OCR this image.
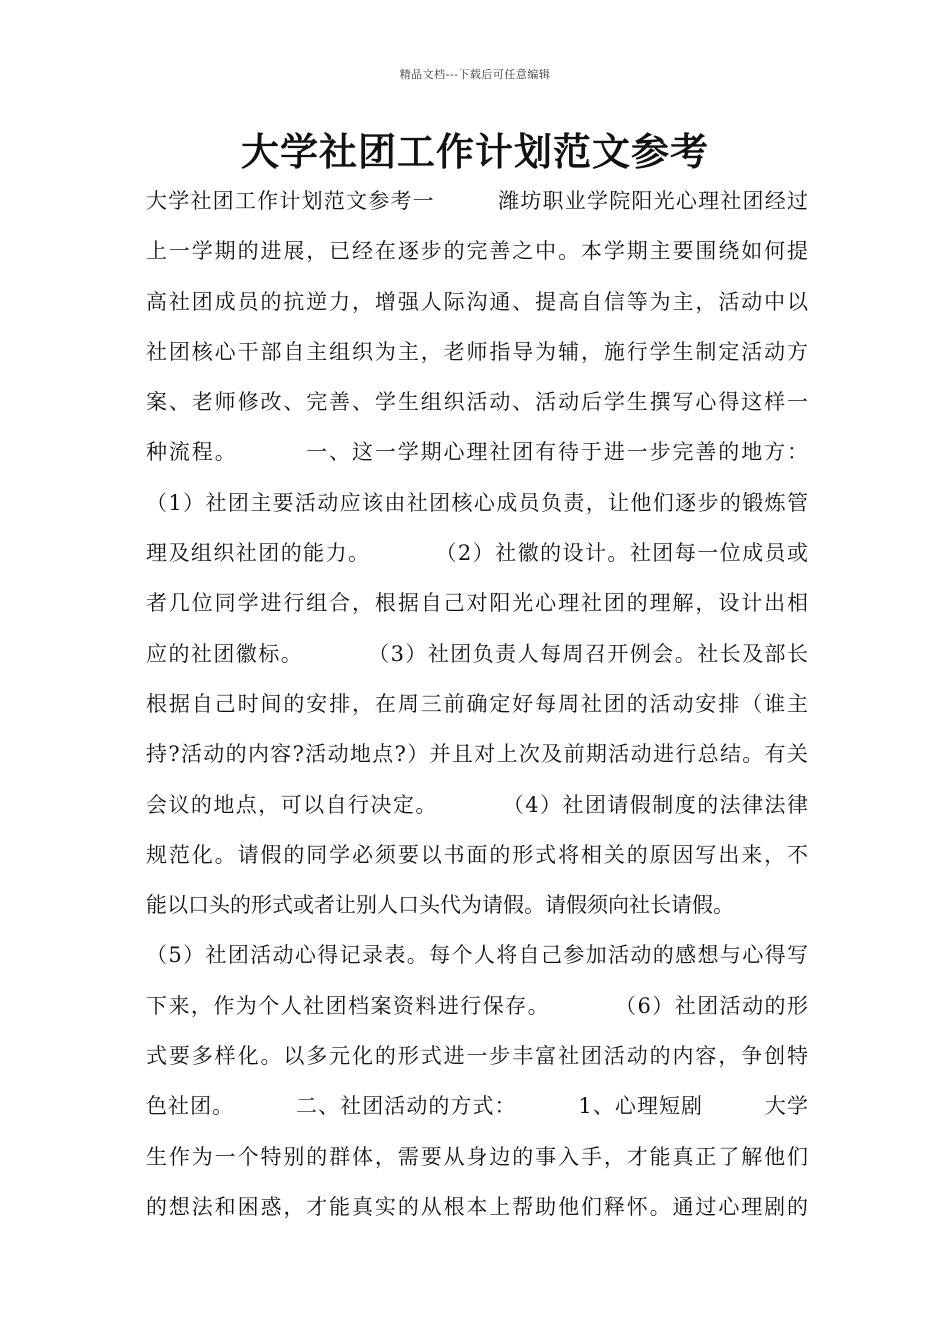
精品文档---下载后可任意编辑
大学社团工作计划范文参考
大学社团工作计划范文参考一        潍坊职业学院阳光心理社团经过
上一学期的进展，已经在逐步的完善之中。本学期主要围绕如何提
高社团成员的抗逆力，增强人际沟通、提高自信等为主，活动中以
社团核心干部自主组织为主，老师指导为辅，施行学生制定活动方
案、老师修改、完善、学生组织活动、活动后学生撰写心得这样一
种流程。        一、这一学期心理社团有待于进一步完善的地方：
（1）社团主要活动应该由社团核心成员负责，让他们逐步的锻炼管
理及组织社团的能力。        （2）社徽的设计。社团每一位成员或
者几位同学进行组合，根据自己对阳光心理社团的理解，设计出相
应的社团徽标。        （3）社团负责人每周召开例会。社长及部长
根据自己时间的安排，在周三前确定好每周社团的活动安排（谁主
持?活动的内容?活动地点?）并且对上次及前期活动进行总结。有关
会议的地点，可以自行决定。        （4）社团请假制度的法律法律
规范化。请假的同学必须要以书面的形式将相关的原因写出来，不
能以口头的形式或者让别人口头代为请假。请假须向社长请假。
（5）社团活动心得记录表。每个人将自己参加活动的感想与心得写
下来，作为个人社团档案资料进行保存。        （6）社团活动的形
式要多样化。以多元化的形式进一步丰富社团活动的内容，争创特
色社团。        二、社团活动的方式：        1、心理短剧        大学
生作为一个特别的群体，需要从身边的事入手，才能真正了解他们
的想法和困惑，才能真实的从根本上帮助他们释怀。通过心理剧的
